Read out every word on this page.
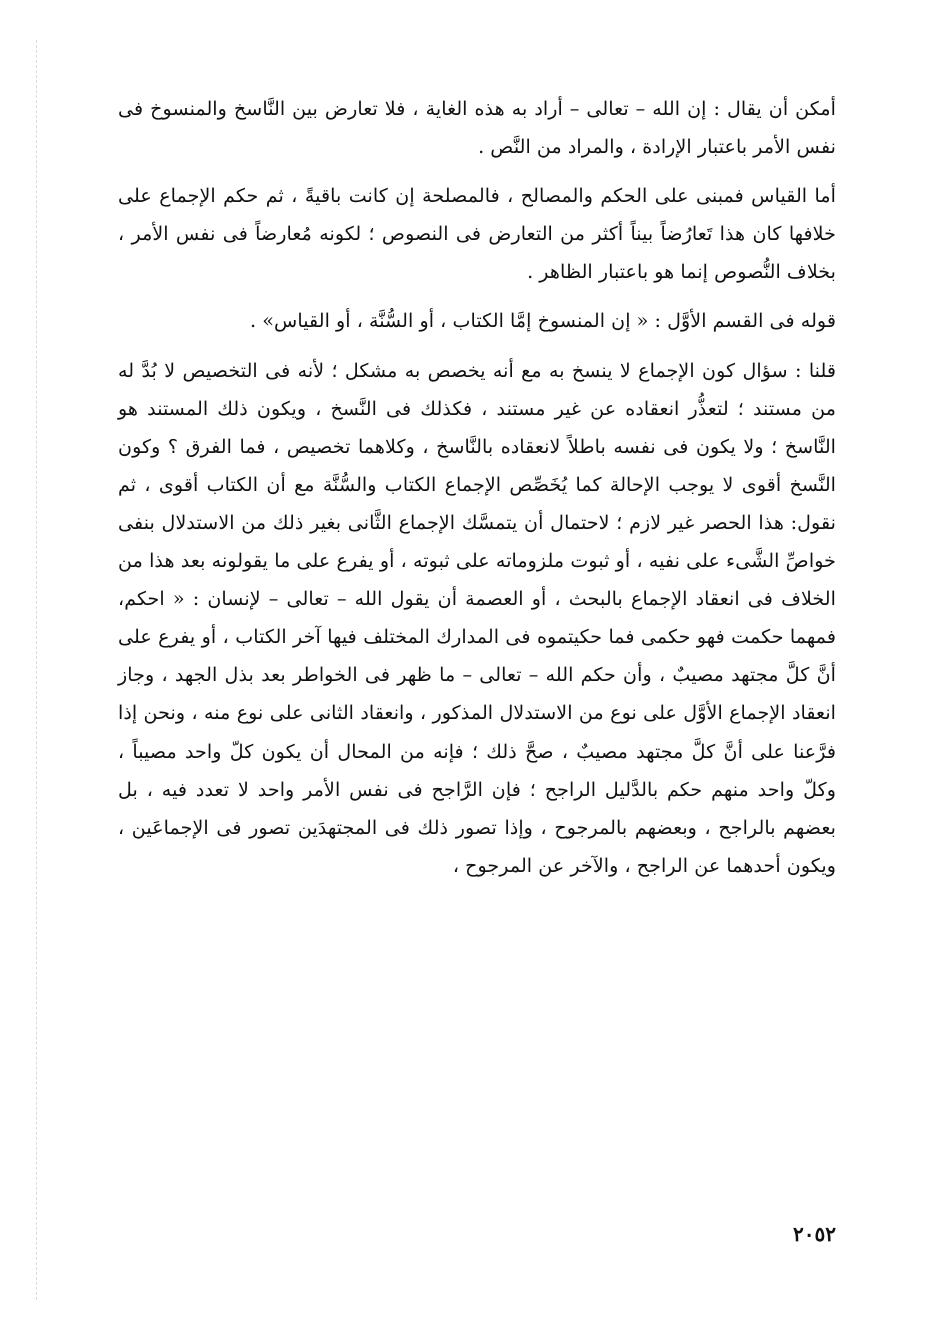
أمكن أن يقال : إن الله – تعالى – أراد به هذه الغاية ، فلا تعارض بين النَّاسخ والمنسوخ فى نفس الأمر باعتبار الإرادة ، والمراد من النَّص .

أما القياس فمبنى على الحكم والمصالح ، فالمصلحة إن كانت باقيةً ، ثم حكم الإجماع على خلافها كان هذا تَعارُضاً بيناً أكثر من التعارض فى النصوص ؛ لكونه مُعارضاً فى نفس الأمر ، بخلاف النُّصوص إنما هو باعتبار الظاهر .

قوله فى القسم الأوَّل : « إن المنسوخ إمَّا الكتاب ، أو السُّنَّة ، أو القياس» .

قلنا : سؤال كون الإجماع لا ينسخ به مع أنه يخصص به مشكل ؛ لأنه فى التخصيص لا بُدَّ له من مستند ؛ لتعذُّر انعقاده عن غير مستند ، فكذلك فى النَّسخ ، ويكون ذلك المستند هو النَّاسخ ؛ ولا يكون فى نفسه باطلاً لانعقاده بالنَّاسخ ، وكلاهما تخصيص ، فما الفرق ؟ وكون النَّسخ أقوى لا يوجب الإحالة كما يُخَصِّص الإجماع الكتاب والسُّنَّة مع أن الكتاب أقوى ، ثم نقول: هذا الحصر غير لازم ؛ لاحتمال أن يتمسَّك الإجماع الثَّانى بغير ذلك من الاستدلال بنفى خواصِّ الشَّىء على نفيه ، أو ثبوت ملزوماته على ثبوته ، أو يفرع على ما يقولونه بعد هذا من الخلاف فى انعقاد الإجماع بالبحث ، أو العصمة أن يقول الله – تعالى – لإنسان : « احكم، فمهما حكمت فهو حكمى فما حكيتموه فى المدارك المختلف فيها آخر الكتاب ، أو يفرع على أنَّ كلَّ مجتهد مصيبٌ ، وأن حكم الله – تعالى – ما ظهر فى الخواطر بعد بذل الجهد ، وجاز انعقاد الإجماع الأوَّل على نوع من الاستدلال المذكور ، وانعقاد الثانى على نوع منه ، ونحن إذا فرَّعنا على أنَّ كلَّ مجتهد مصيبٌ ، صحَّ ذلك ؛ فإنه من المحال أن يكون كلّ واحد مصيباً ، وكلّ واحد منهم حكم بالدَّليل الراجح ؛ فإن الرَّاجح فى نفس الأمر واحد لا تعدد فيه ، بل بعضهم بالراجح ، وبعضهم بالمرجوح ، وإذا تصور ذلك فى المجتهدَين تصور فى الإجماعَين ، ويكون أحدهما عن الراجح ، والآخر عن المرجوح ،

٢٠٥٢
